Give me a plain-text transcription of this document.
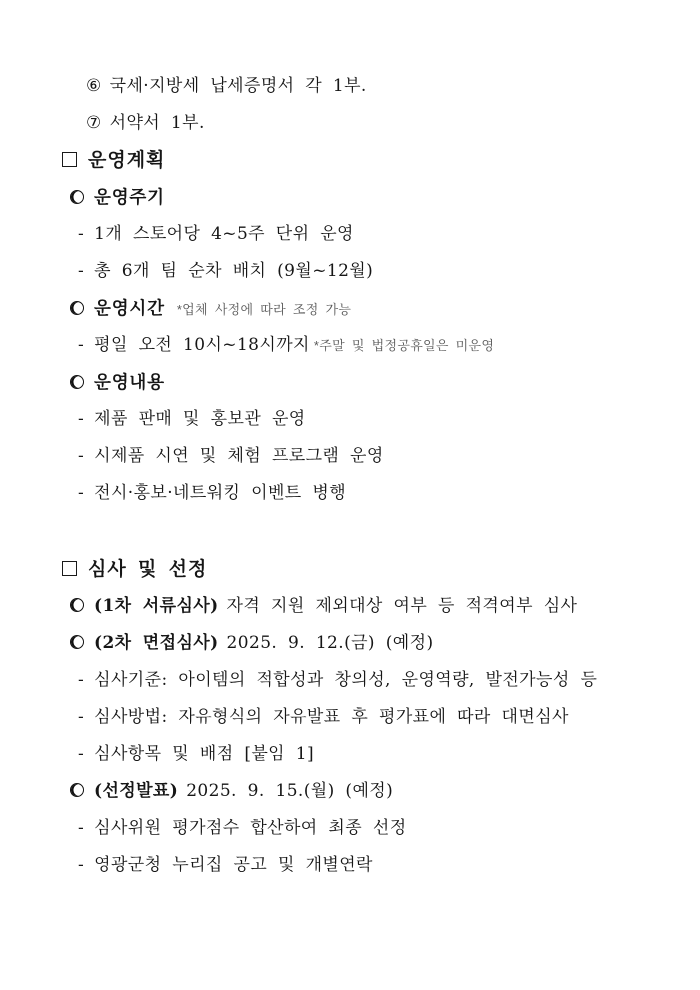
⑥ 국세·지방세 납세증명서 각 1부.
⑦ 서약서 1부.
운영계획
운영주기
- 1개 스토어당 4~5주 단위 운영
- 총 6개 팀 순차 배치 (9월~12월)
운영시간 *업체 사정에 따라 조정 가능
- 평일 오전 10시~18시까지 *주말 및 법정공휴일은 미운영
운영내용
- 제품 판매 및 홍보관 운영
- 시제품 시연 및 체험 프로그램 운영
- 전시·홍보·네트워킹 이벤트 병행
심사 및 선정
(1차 서류심사) 자격 지원 제외대상 여부 등 적격여부 심사
(2차 면접심사) 2025. 9. 12.(금) (예정)
- 심사기준: 아이템의 적합성과 창의성, 운영역량, 발전가능성 등
- 심사방법: 자유형식의 자유발표 후 평가표에 따라 대면심사
- 심사항목 및 배점 [붙임 1]
(선정발표) 2025. 9. 15.(월) (예정)
- 심사위원 평가점수 합산하여 최종 선정
- 영광군청 누리집 공고 및 개별연락
